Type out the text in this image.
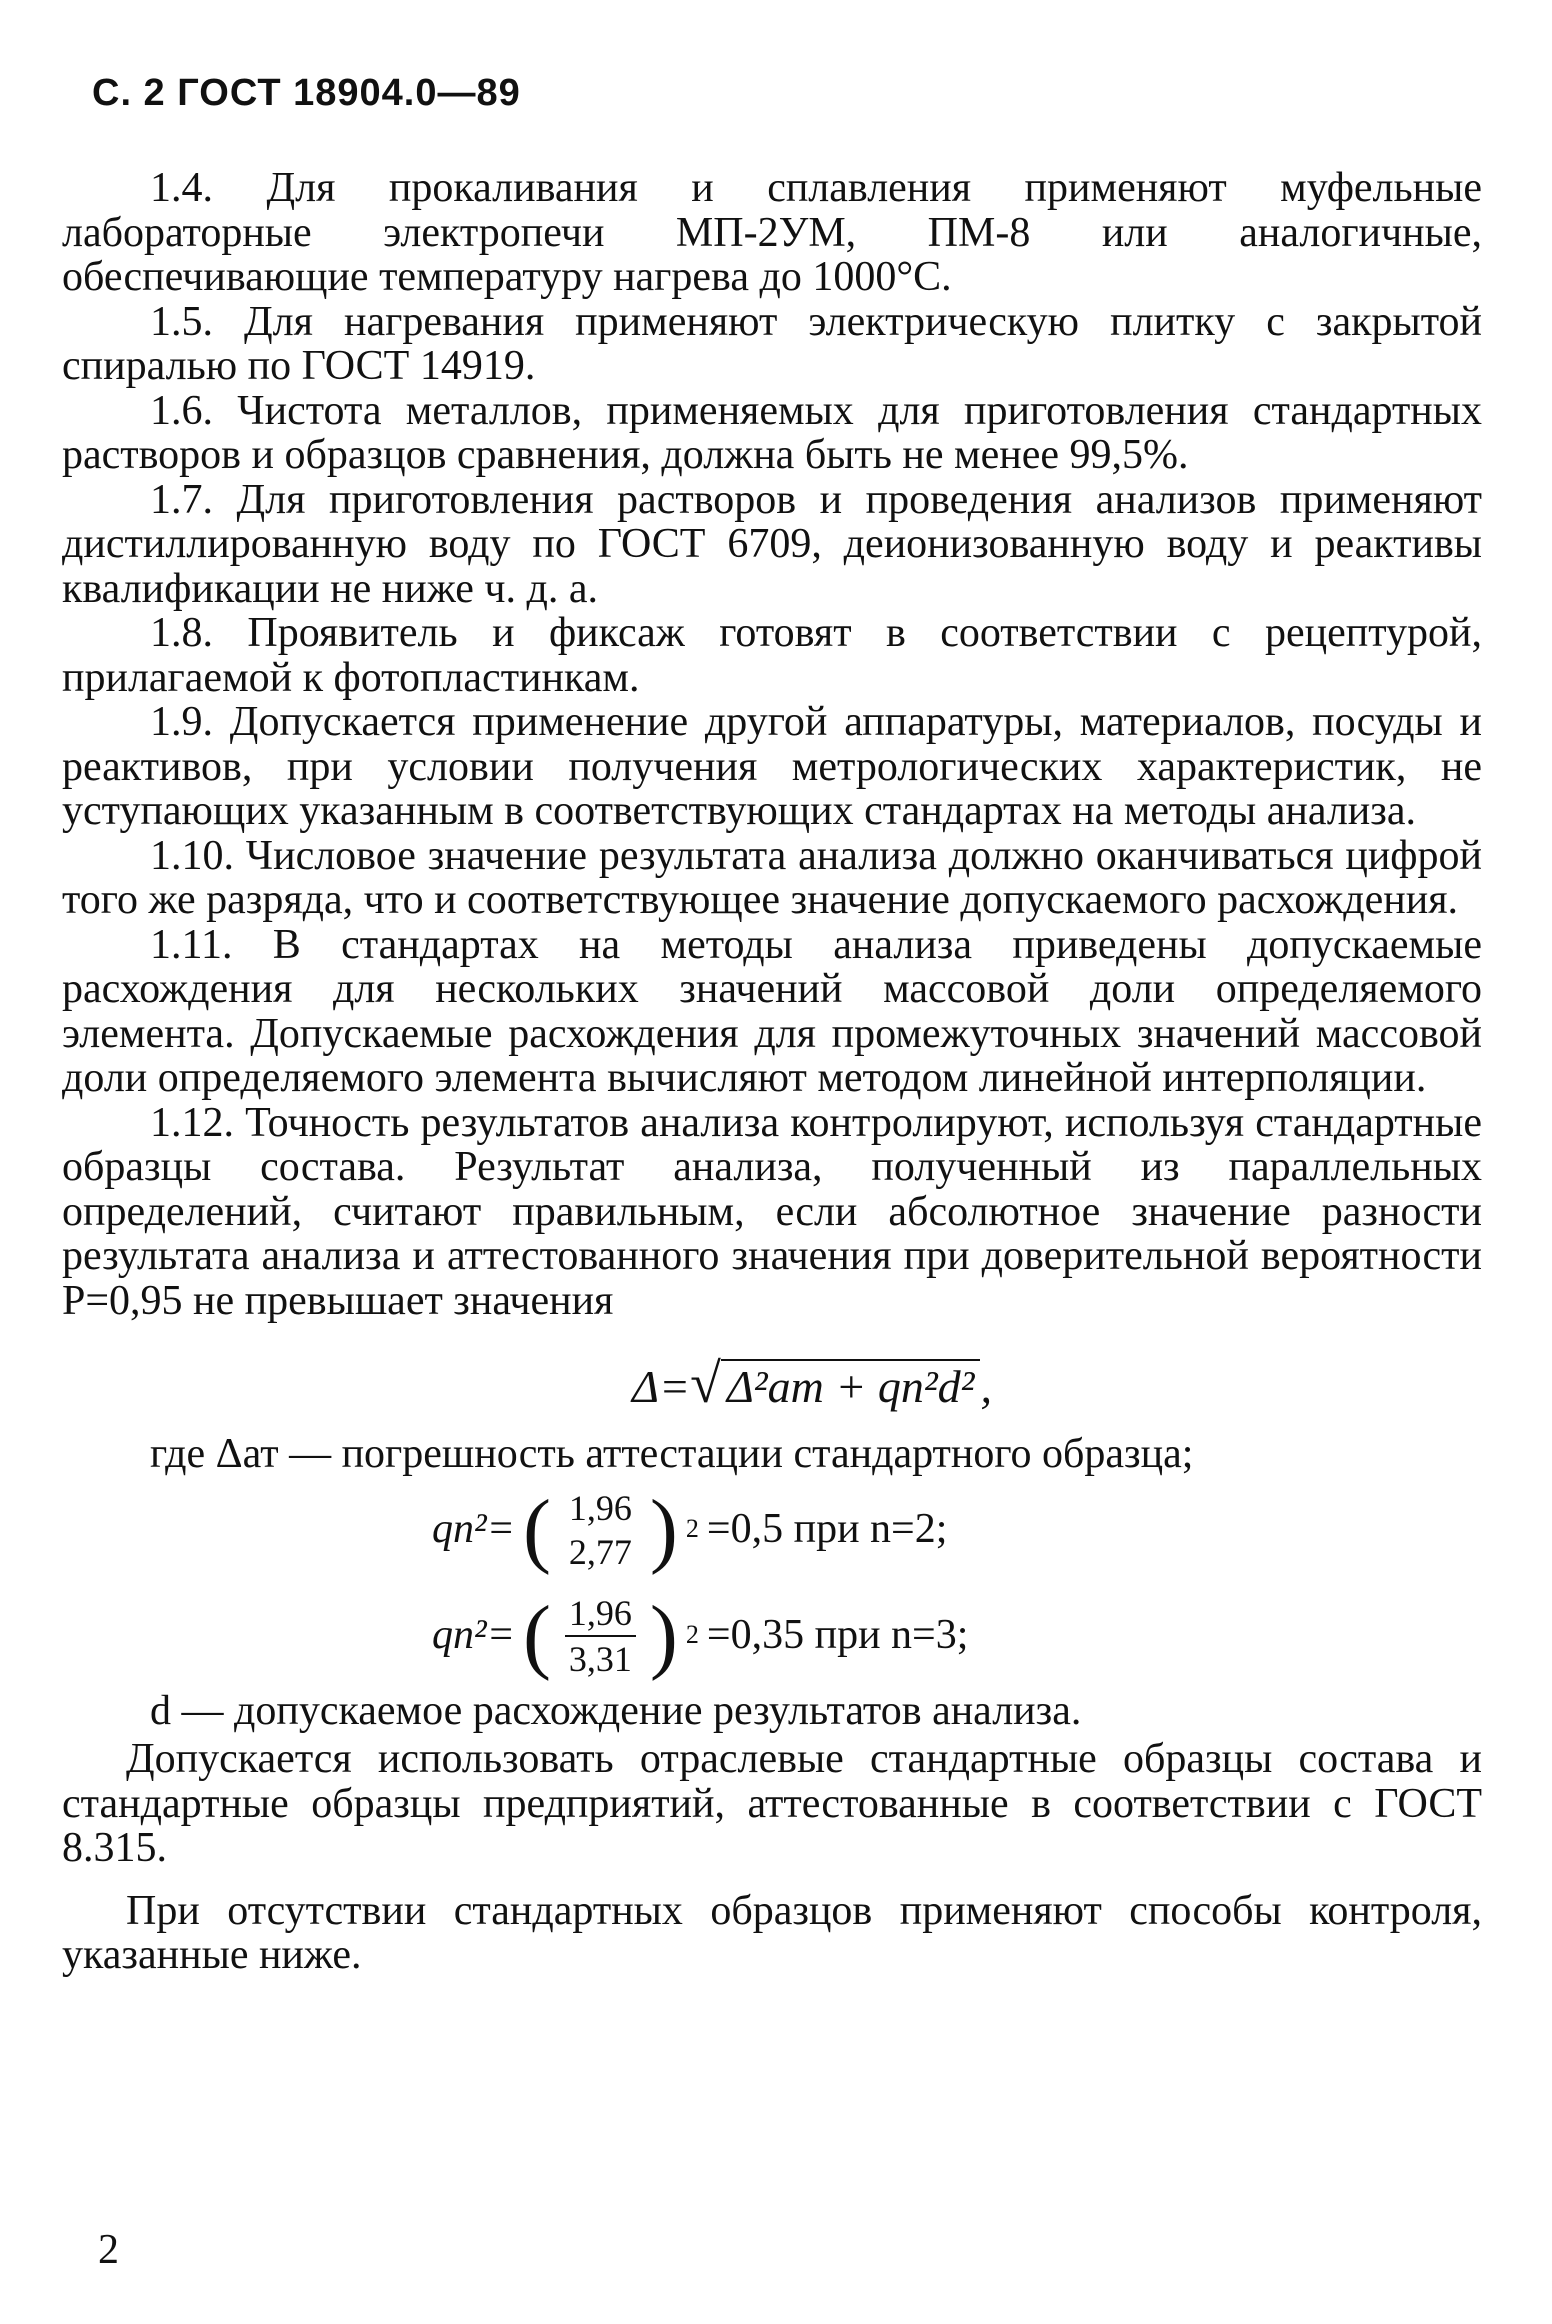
С. 2 ГОСТ 18904.0—89

1.4. Для прокаливания и сплавления применяют муфельные лабораторные электропечи МП-2УМ, ПМ-8 или аналогичные, обеспечивающие температуру нагрева до 1000°С.

1.5. Для нагревания применяют электрическую плитку с закрытой спиралью по ГОСТ 14919.

1.6. Чистота металлов, применяемых для приготовления стандартных растворов и образцов сравнения, должна быть не менее 99,5%.

1.7. Для приготовления растворов и проведения анализов применяют дистиллированную воду по ГОСТ 6709, деионизованную воду и реактивы квалификации не ниже ч. д. а.

1.8. Проявитель и фиксаж готовят в соответствии с рецептурой, прилагаемой к фотопластинкам.

1.9. Допускается применение другой аппаратуры, материалов, посуды и реактивов, при условии получения метрологических характеристик, не уступающих указанным в соответствующих стандартах на методы анализа.

1.10. Числовое значение результата анализа должно оканчиваться цифрой того же разряда, что и соответствующее значение допускаемого расхождения.

1.11. В стандартах на методы анализа приведены допускаемые расхождения для нескольких значений массовой доли определяемого элемента. Допускаемые расхождения для промежуточных значений массовой доли определяемого элемента вычисляют методом линейной интерполяции.

1.12. Точность результатов анализа контролируют, используя стандартные образцы состава. Результат анализа, полученный из параллельных определений, считают правильным, если абсолютное значение разности результата анализа и аттестованного значения при доверительной вероятности P=0,95 не превышает значения

Δ=√ Δ²ат + qn²d² ,

где Δат — погрешность аттестации стандартного образца;

qn²= ( 1,96
2,77 ) 2 =0,5 при n=2;
qn²= ( $\frac{1,96}{3,31}$ ) 2 =0,35 при n=3;

d — допускаемое расхождение результатов анализа.

Допускается использовать отраслевые стандартные образцы состава и стандартные образцы предприятий, аттестованные в соответствии с ГОСТ 8.315.

При отсутствии стандартных образцов применяют способы контроля, указанные ниже.

2
